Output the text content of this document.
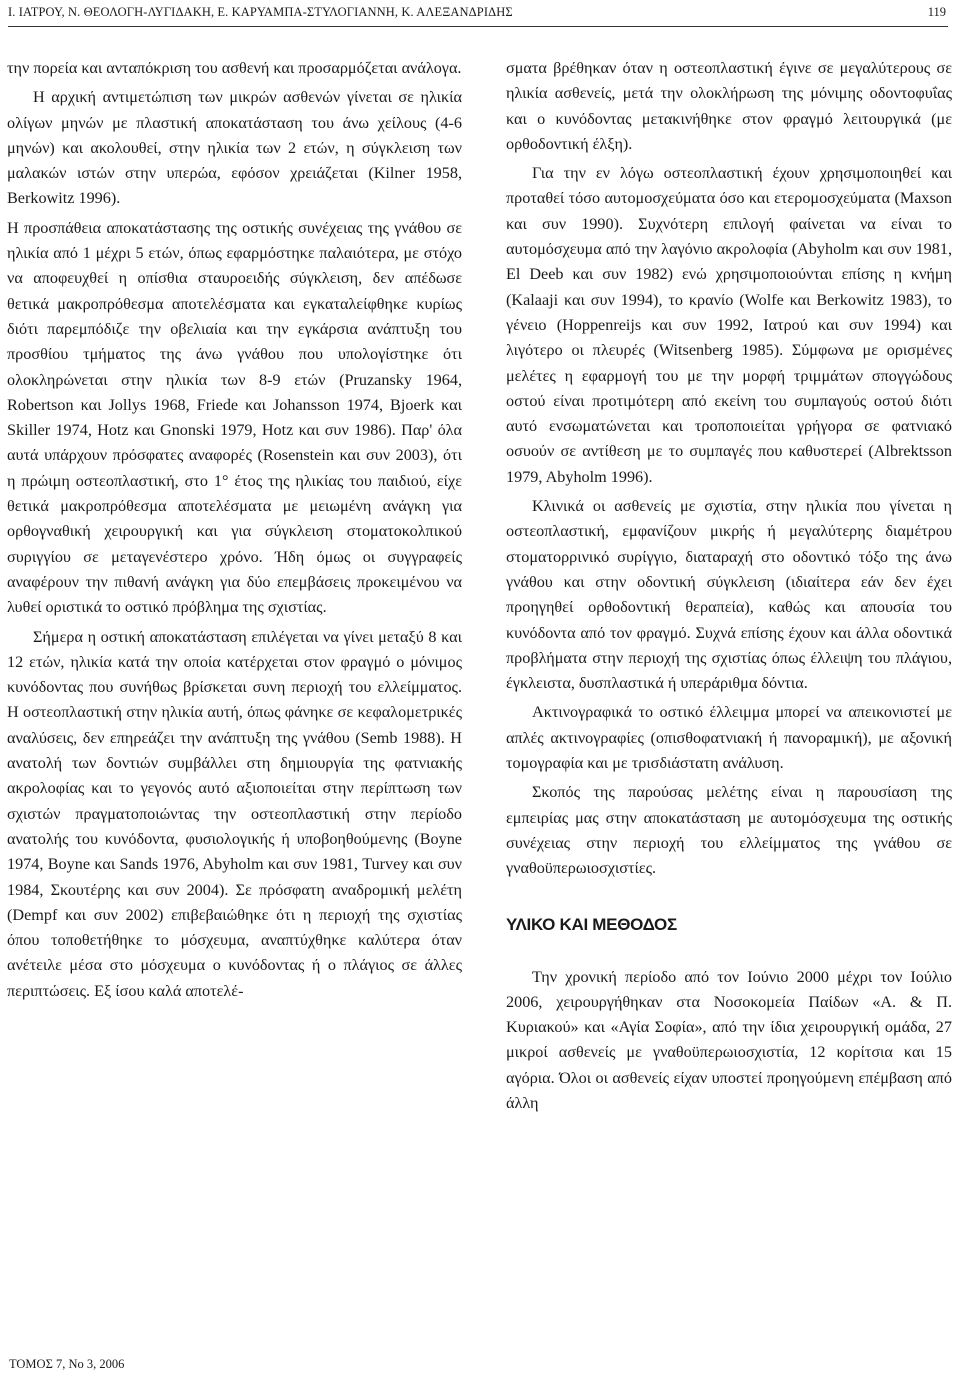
Ι. ΙΑΤΡΟΥ, Ν. ΘΕΟΛΟΓΗ-ΛΥΓΙΔΑΚΗ, Ε. ΚΑΡΥΑΜΠΑ-ΣΤΥΛΟΓΙΑΝΝΗ, Κ. ΑΛΕΞΑΝΔΡΙΔΗΣ	119

την πορεία και ανταπόκριση του ασθενή και προσαρμόζεται ανάλογα.

Η αρχική αντιμετώπιση των μικρών ασθενών γίνεται σε ηλικία ολίγων μηνών με πλαστική αποκατάσταση του άνω χείλους (4-6 μηνών) και ακολουθεί, στην ηλικία των 2 ετών, η σύγκλειση των μαλακών ιστών στην υπερώα, εφόσον χρειάζεται (Kilner 1958, Berkowitz 1996).

Η προσπάθεια αποκατάστασης της οστικής συνέχειας της γνάθου σε ηλικία από 1 μέχρι 5 ετών, όπως εφαρμόστηκε παλαιότερα, με στόχο να αποφευχθεί η οπίσθια σταυροειδής σύγκλειση, δεν απέδωσε θετικά μακροπρόθεσμα αποτελέσματα και εγκαταλείφθηκε κυρίως διότι παρεμπόδιζε την οβελιαία και την εγκάρσια ανάπτυξη του προσθίου τμήματος της άνω γνάθου που υπολογίστηκε ότι ολοκληρώνεται στην ηλικία των 8-9 ετών (Pruzansky 1964, Robertson και Jollys 1968, Friede και Johansson 1974, Bjoerk και Skiller 1974, Hotz και Gnonski 1979, Hotz και συν 1986). Παρ' όλα αυτά υπάρχουν πρόσφατες αναφορές (Rosenstein και συν 2003), ότι η πρώιμη οστεοπλαστική, στο 1° έτος της ηλικίας του παιδιού, είχε θετικά μακροπρόθεσμα αποτελέσματα με μειωμένη ανάγκη για ορθογναθική χειρουργική και για σύγκλειση στοματοκολπικού συριγγίου σε μεταγενέστερο χρόνο. Ήδη όμως οι συγγραφείς αναφέρουν την πιθανή ανάγκη για δύο επεμβάσεις προκειμένου να λυθεί οριστικά το οστικό πρόβλημα της σχιστίας.

Σήμερα η οστική αποκατάσταση επιλέγεται να γίνει μεταξύ 8 και 12 ετών, ηλικία κατά την οποία κατέρχεται στον φραγμό ο μόνιμος κυνόδοντας που συνήθως βρίσκεται συνη περιοχή του ελλείμματος. Η οστεοπλαστική στην ηλικία αυτή, όπως φάνηκε σε κεφαλομετρικές αναλύσεις, δεν επηρεάζει την ανάπτυξη της γνάθου (Semb 1988). Η ανατολή των δοντιών συμβάλλει στη δημιουργία της φατνιακής ακρολοφίας και το γεγονός αυτό αξιοποιείται στην περίπτωση των σχιστών πραγματοποιώντας την οστεοπλαστική στην περίοδο ανατολής του κυνόδοντα, φυσιολογικής ή υποβοηθούμενης (Boyne 1974, Boyne και Sands 1976, Abyholm και συν 1981, Turvey και συν 1984, Σκουτέρης και συν 2004). Σε πρόσφατη αναδρομική μελέτη (Dempf και συν 2002) επιβεβαιώθηκε ότι η περιοχή της σχιστίας όπου τοποθετήθηκε το μόσχευμα, αναπτύχθηκε καλύτερα όταν ανέτειλε μέσα στο μόσχευμα ο κυνόδοντας ή ο πλάγιος σε άλλες περιπτώσεις. Εξ ίσου καλά αποτελέ-

σματα βρέθηκαν όταν η οστεοπλαστική έγινε σε μεγαλύτερους σε ηλικία ασθενείς, μετά την ολοκλήρωση της μόνιμης οδοντοφυΐας και ο κυνόδοντας μετακινήθηκε στον φραγμό λειτουργικά (με ορθοδοντική έλξη).

Για την εν λόγω οστεοπλαστική έχουν χρησιμοποιηθεί και προταθεί τόσο αυτομοσχεύματα όσο και ετερομοσχεύματα (Maxson και συν 1990). Συχνότερη επιλογή φαίνεται να είναι το αυτομόσχευμα από την λαγόνιο ακρολοφία (Abyholm και συν 1981, El Deeb και συν 1982) ενώ χρησιμοποιούνται επίσης η κνήμη (Kalaaji και συν 1994), το κρανίο (Wolfe και Berkowitz 1983), το γένειο (Hoppenreijs και συν 1992, Ιατρού και συν 1994) και λιγότερο οι πλευρές (Witsenberg 1985). Σύμφωνα με ορισμένες μελέτες η εφαρμογή του με την μορφή τριμμάτων σπογγώδους οστού είναι προτιμότερη από εκείνη του συμπαγούς οστού διότι αυτό ενσωματώνεται και τροποποιείται γρήγορα σε φατνιακό οσυούν σε αντίθεση με το συμπαγές που καθυστερεί (Albrektsson 1979, Abyholm 1996).

Κλινικά οι ασθενείς με σχιστία, στην ηλικία που γίνεται η οστεοπλαστική, εμφανίζουν μικρής ή μεγαλύτερης διαμέτρου στοματορρινικό συρίγγιο, διαταραχή στο οδοντικό τόξο της άνω γνάθου και στην οδοντική σύγκλειση (ιδιαίτερα εάν δεν έχει προηγηθεί ορθοδοντική θεραπεία), καθώς και απουσία του κυνόδοντα από τον φραγμό. Συχνά επίσης έχουν και άλλα οδοντικά προβλήματα στην περιοχή της σχιστίας όπως έλλειψη του πλάγιου, έγκλειστα, δυσπλαστικά ή υπεράριθμα δόντια.

Ακτινογραφικά το οστικό έλλειμμα μπορεί να απεικονιστεί με απλές ακτινογραφίες (οπισθοφατνιακή ή πανοραμική), με αξονική τομογραφία και με τρισδιάστατη ανάλυση.

Σκοπός της παρούσας μελέτης είναι η παρουσίαση της εμπειρίας μας στην αποκατάσταση με αυτομόσχευμα της οστικής συνέχειας στην περιοχή του ελλείμματος της γνάθου σε γναθοϋπερωιοσχιστίες.

ΥΛΙΚΟ ΚΑΙ ΜΕΘΟΔΟΣ

Την χρονική περίοδο από τον Ιούνιο 2000 μέχρι τον Ιούλιο 2006, χειρουργήθηκαν στα Νοσοκομεία Παίδων «Α. & Π. Κυριακού» και «Αγία Σοφία», από την ίδια χειρουργική ομάδα, 27 μικροί ασθενείς με γναθοϋπερωιοσχιστία, 12 κορίτσια και 15 αγόρια. Όλοι οι ασθενείς είχαν υποστεί προηγούμενη επέμβαση από άλλη

ΤΟΜΟΣ 7, Νο 3, 2006
